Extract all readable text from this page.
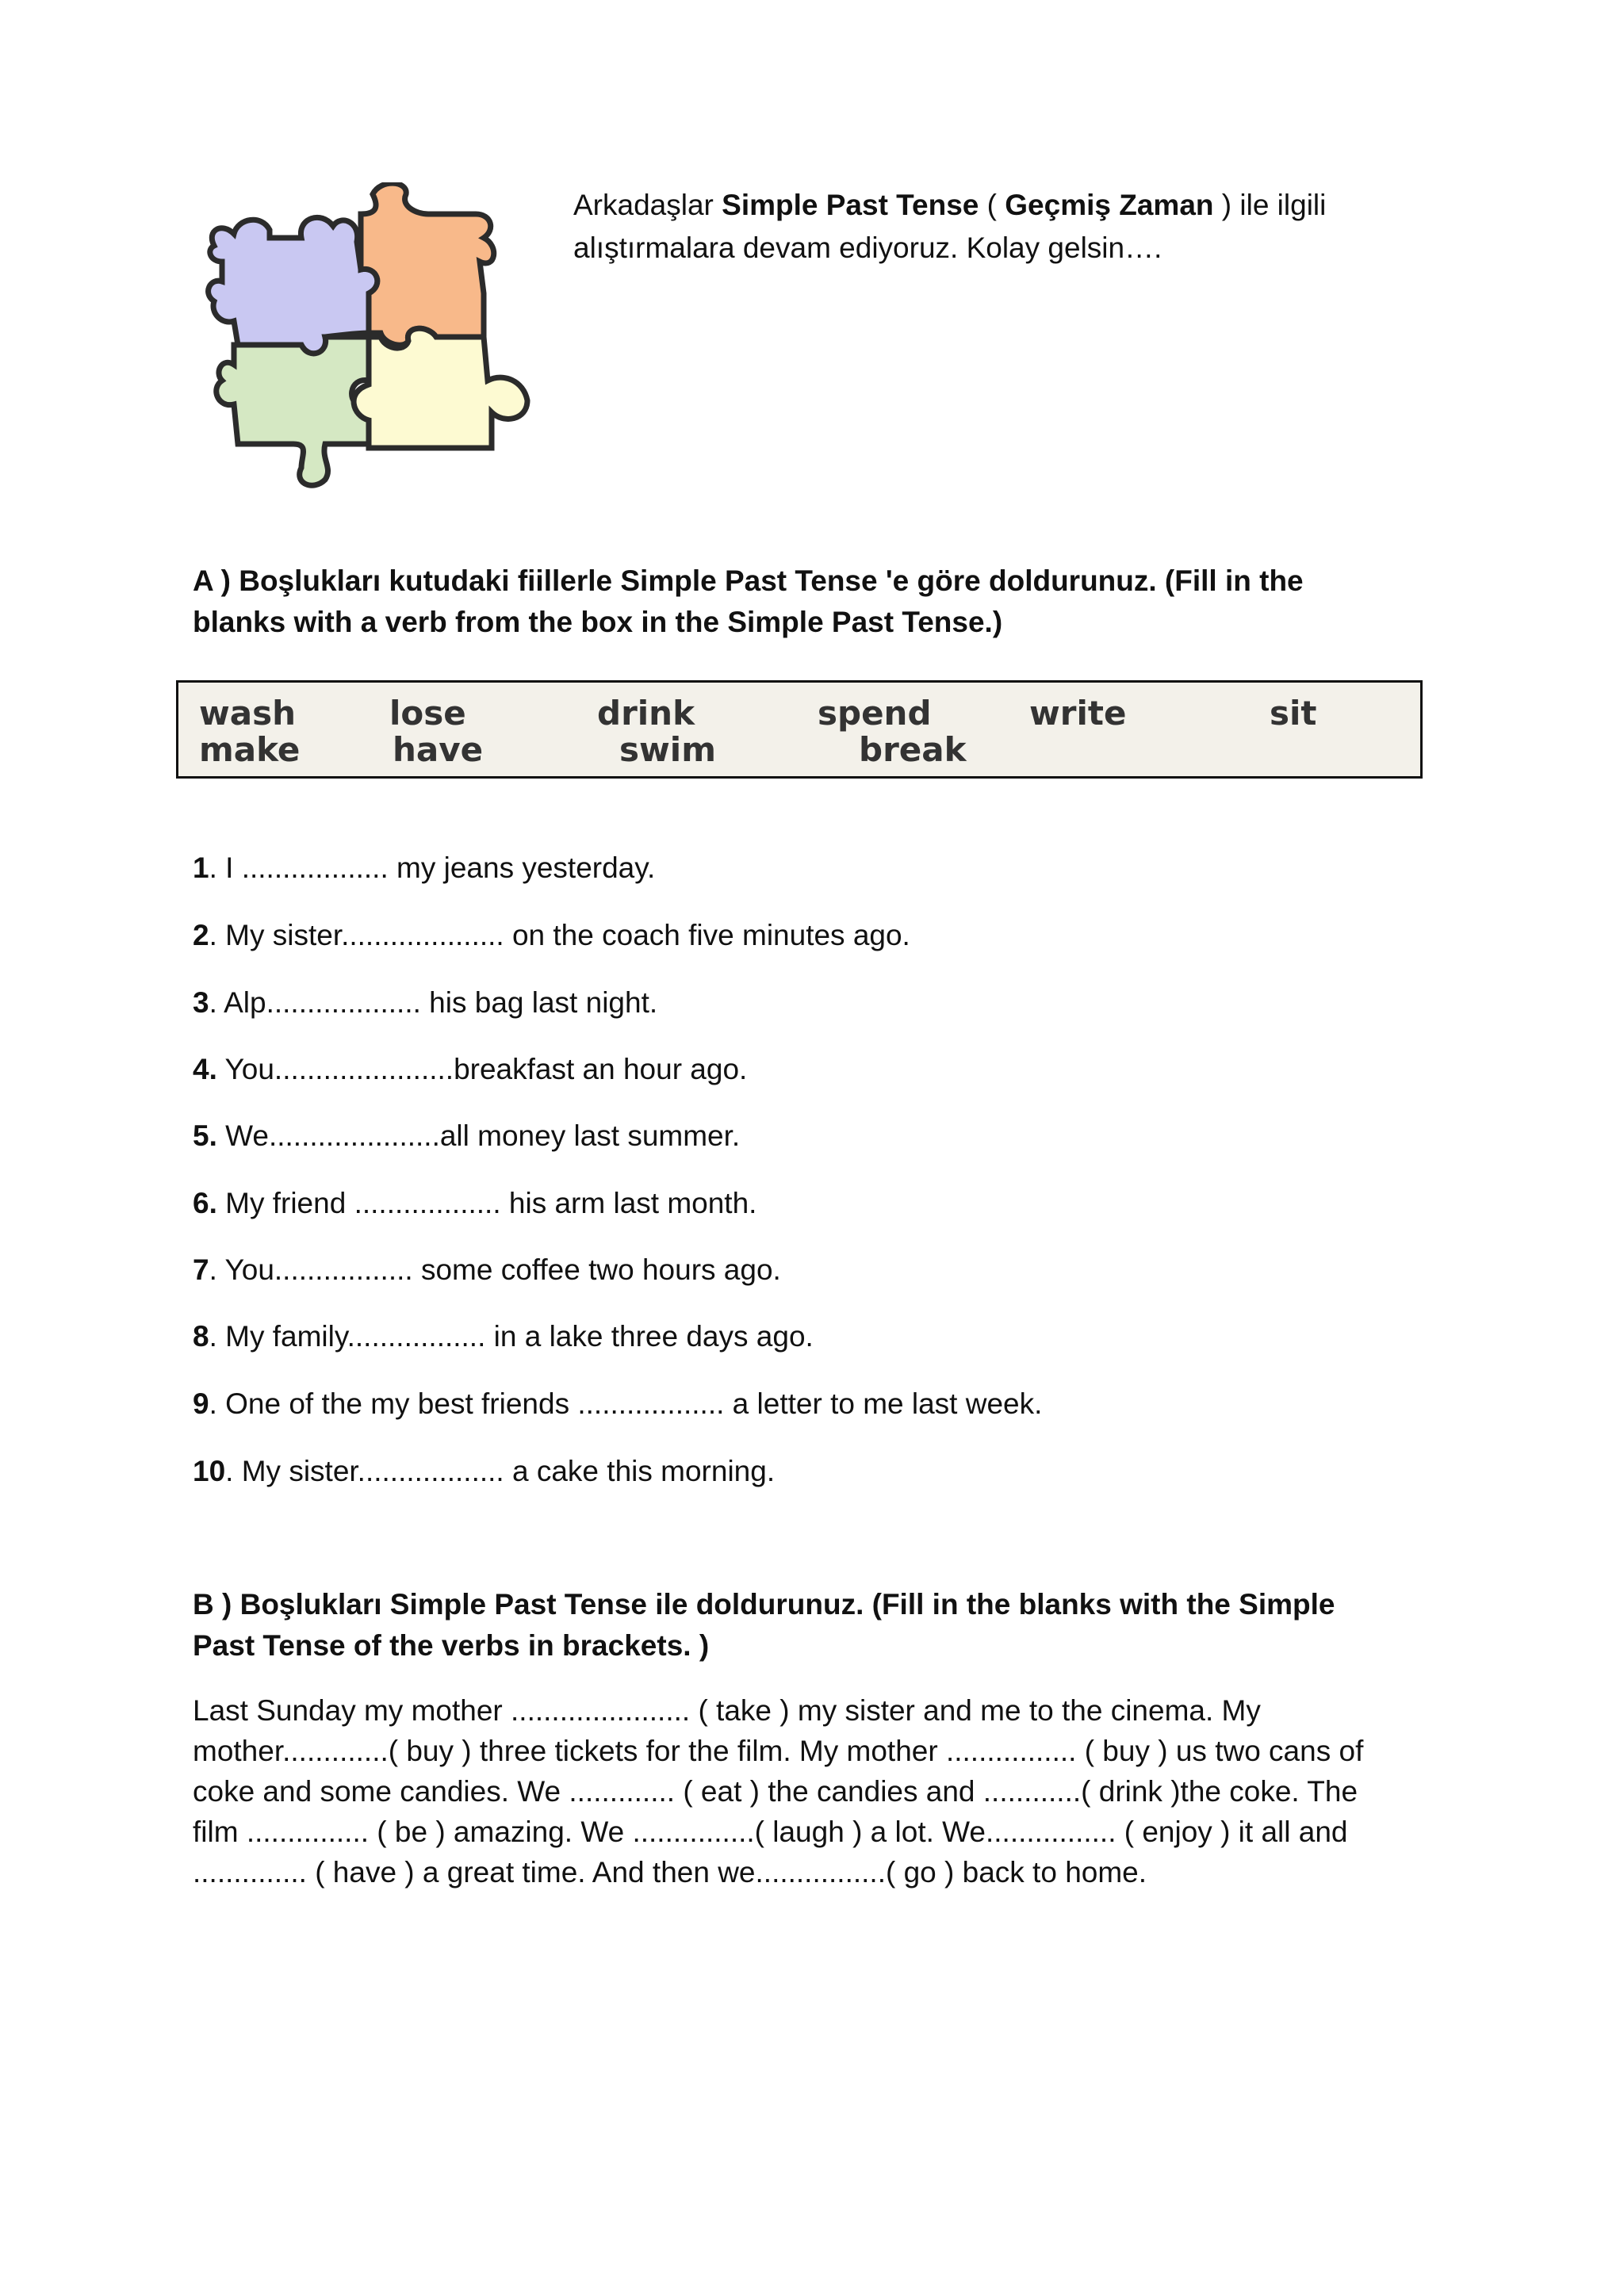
Arkadaşlar Simple Past Tense ( Geçmiş Zaman ) ile ilgili
alıştırmalara devam ediyoruz. Kolay gelsin….
A ) Boşlukları kutudaki fiillerle Simple Past Tense 'e göre doldurunuz. (Fill in the
blanks with a verb from the box in the Simple Past Tense.)
wash	lose	drink	spend	write	sit
make	have	swim	break
1. I .................. my jeans yesterday.
2. My sister.................... on the coach five minutes ago.
3. Alp................... his bag last night.
4. You......................breakfast an hour ago.
5. We.....................all money last summer.
6. My friend .................. his arm last month.
7. You................. some coffee two hours ago.
8. My family................. in a lake three days ago.
9. One of the my best friends .................. a letter to me last week.
10. My sister.................. a cake this morning.
B ) Boşlukları Simple Past Tense ile doldurunuz. (Fill in the blanks with the Simple
Past Tense of the verbs in brackets. )
Last Sunday my mother ...................... ( take ) my sister and me to the cinema. My
mother.............( buy ) three tickets for the film. My mother ................ ( buy ) us two cans of
coke and some candies. We ............. ( eat ) the candies and ............( drink )the coke. The
film ............... ( be ) amazing. We ...............( laugh ) a lot. We................ ( enjoy ) it all and
.............. ( have ) a great time. And then we................( go ) back to home.
